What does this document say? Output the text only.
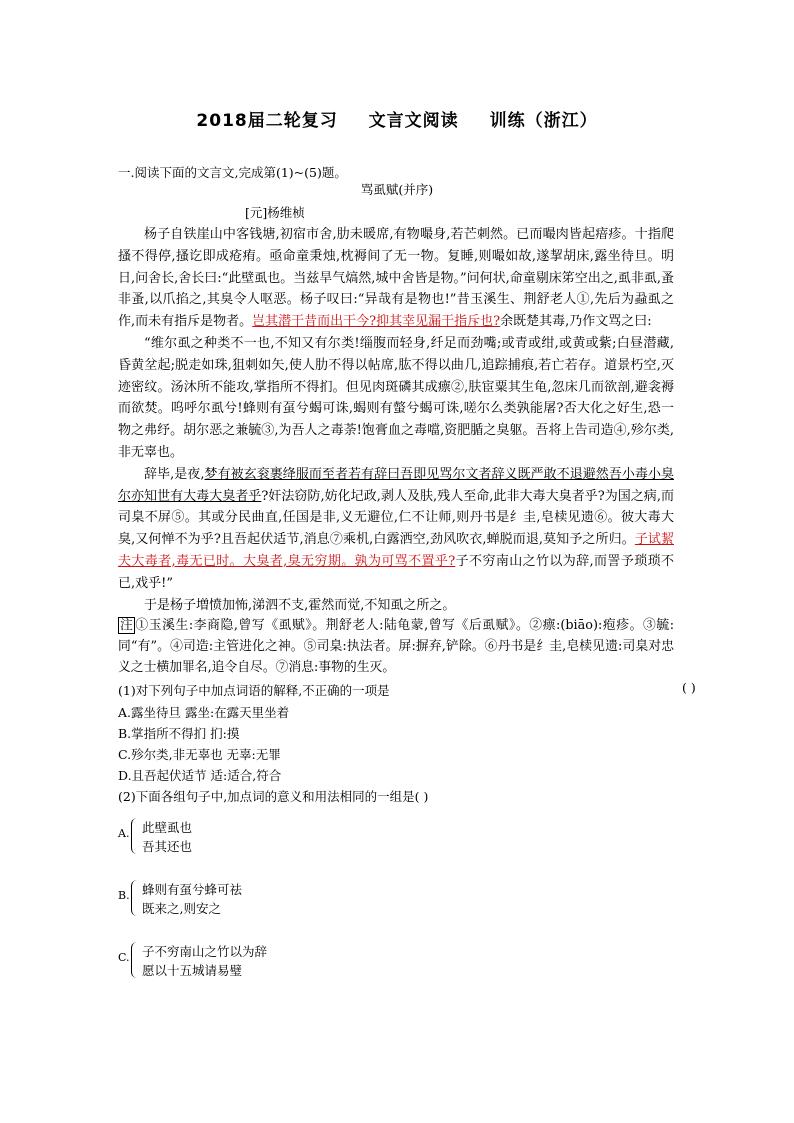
2018届二轮复习 文言文阅读 训练（浙江）
一.阅读下面的文言文,完成第(1)~(5)题。
骂虱赋(并序)
[元]杨维桢

杨子自铁崖山中客钱塘,初宿市舍,肋未暖席,有物嘬身,若芒刺然。已而嘬肉皆起瘖疹。十指爬搔不得停,搔讫即成疮痏。亟命童秉烛,枕褥间了无一物。复睡,则嘬如故,遂挈胡床,露坐待旦。明日,问舍长,舍长曰:“此壁虱也。当兹旱气熇然,城中舍皆是物。”问何状,命童剔床笫空出之,虱非虱,蚤非蚤,以爪掐之,其臭令人呕恶。杨子叹曰:“异哉有是物也!”昔玉溪生、荆舒老人①,先后为蝨虱之作,而未有指斥是物者。岂其潜干昔而出干今?抑其幸见漏干指斥也?余既楚其毒,乃作文骂之曰:

“维尔虱之种类不一也,不知又有尔类!缁腹而轻身,纤足而劲嘴;或青或绀,或黄或紫;白昼潜藏,昏黄坌起;脱走如珠,狙刺如矢,使人肋不得以帖席,肱不得以曲几,追踪捕痕,若亡若存。道景朽空,灭迹密纹。汤沐所不能攻,掌指所不得扪。但见肉斑磷其成瘭②,肤宦粟其生龟,忽床几而欲剖,避衾褥而欲焚。呜呼尔虱兮!蜂则有虿兮蝎可诛,蝎则有螫兮蝎可诛,嗟尔么类孰能屠?否大化之好生,恐一物之弗纾。胡尔恶之兼毓③,为吾人之毒荼!饱膏血之毒噹,资肥腯之臭躯。吾将上告司造④,殄尔类,非无辜也。

辞毕,是夜,梦有被玄衮裹绛服而至者若有辞曰吾即见骂尔文者辞义既严敢不退避然吾小毒小臭尔亦知世有大毒大臭者乎?奸法窃防,妨化圮政,剥人及肤,残人至命,此非大毒大臭者乎?为国之病,而司臬不屏⑤。其或分民曲直,任国是非,义无避位,仁不让师,则丹书是纟圭,皂椟见遗⑥。彼大毒大臭,又何惮不为乎?且吾起伏适节,消息⑦乘机,白露洒空,劲风吹衣,蝉脱而退,莫知予之所归。子试絜夫大毒者,毒无已时。大臭者,臭无穷期。孰为可骂不置乎?子不穷南山之竹以为辞,而詈予琐琐不已,戏乎!”

于是杨子増愤加怖,涕泗不支,霍然而觉,不知虱之所之。

注 ①玉溪生:李商隐,曾写《虱赋》。荆舒老人:陆龟蒙,曾写《后虱赋》。②瘭:(biāo):疱疹。③毓:同“有”。④司造:主管进化之神。⑤司臬:执法者。屏:摒弃,铲除。⑥丹书是纟圭,皂椟见遗:司臬对忠义之士横加罪名,追令自尽。⑦消息:事物的生灭。
(1)对下列句子中加点词语的解释,不正确的一项是	( )
A.露坐待旦 露坐:在露天里坐着
B.掌指所不得扪 扪:摸
C.殄尔类,非无辜也 无辜:无罪
D.且吾起伏适节 适:适合,符合
(2)下面各组句子中,加点词的意义和用法相同的一组是( )
A. 此壁虱也
吾其还也
B. 蜂则有虿兮蜂可祛
既来之,则安之
C. 子不穷南山之竹以为辞
愿以十五城请易璧
